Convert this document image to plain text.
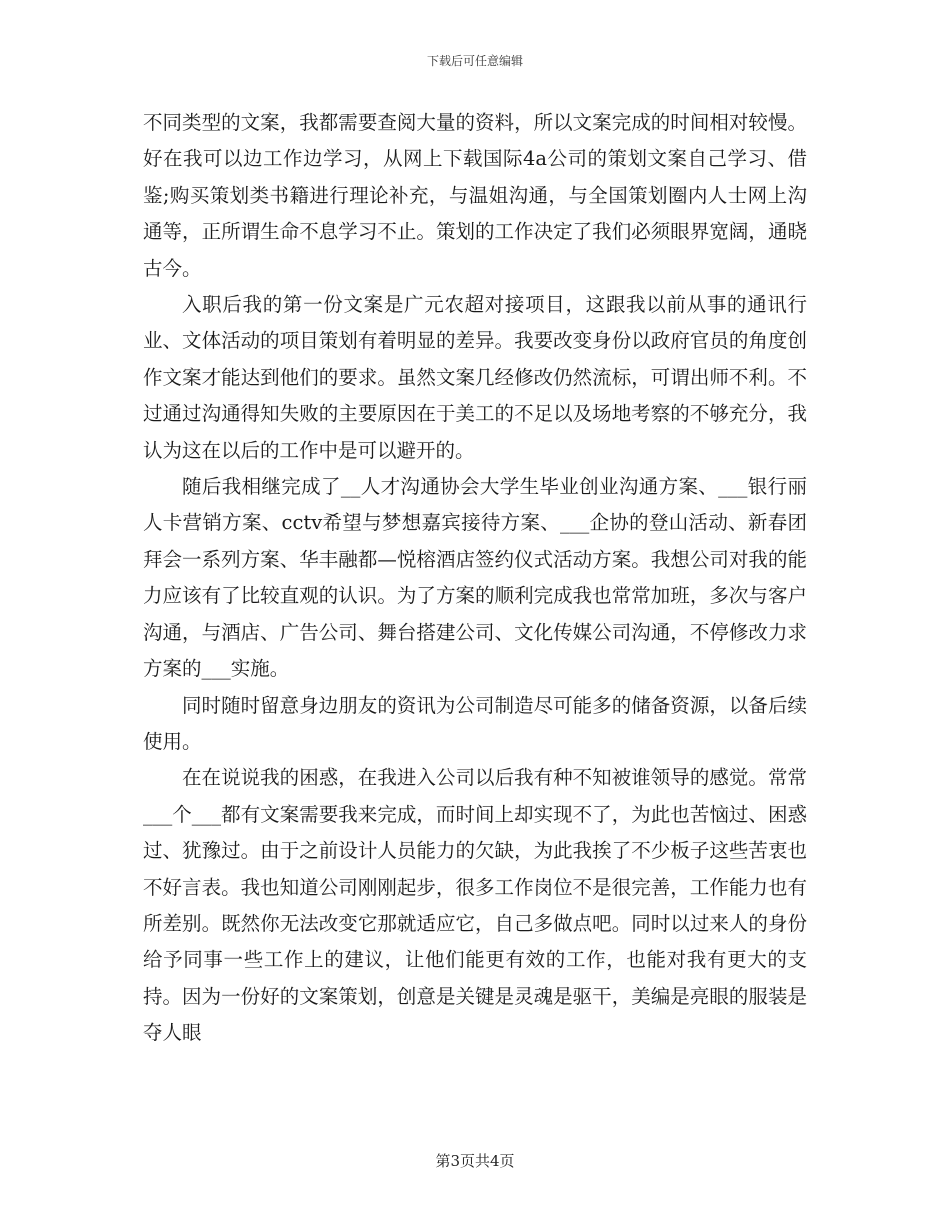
下载后可任意编辑

不同类型的文案，我都需要查阅大量的资料，所以文案完成的时间相对较慢。好在我可以边工作边学习，从网上下载国际4a公司的策划文案自己学习、借鉴;购买策划类书籍进行理论补充，与温姐沟通，与全国策划圈内人士网上沟通等，正所谓生命不息学习不止。策划的工作决定了我们必须眼界宽阔，通晓古今。

入职后我的第一份文案是广元农超对接项目，这跟我以前从事的通讯行业、文体活动的项目策划有着明显的差异。我要改变身份以政府官员的角度创作文案才能达到他们的要求。虽然文案几经修改仍然流标，可谓出师不利。不过通过沟通得知失败的主要原因在于美工的不足以及场地考察的不够充分，我认为这在以后的工作中是可以避开的。

随后我相继完成了__人才沟通协会大学生毕业创业沟通方案、___银行丽人卡营销方案、cctv希望与梦想嘉宾接待方案、___企协的登山活动、新春团拜会一系列方案、华丰融都—悦榕酒店签约仪式活动方案。我想公司对我的能力应该有了比较直观的认识。为了方案的顺利完成我也常常加班，多次与客户沟通，与酒店、广告公司、舞台搭建公司、文化传媒公司沟通，不停修改力求方案的___实施。

同时随时留意身边朋友的资讯为公司制造尽可能多的储备资源，以备后续使用。

在在说说我的困惑，在我进入公司以后我有种不知被谁领导的感觉。常常___个___都有文案需要我来完成，而时间上却实现不了，为此也苦恼过、困惑过、犹豫过。由于之前设计人员能力的欠缺，为此我挨了不少板子这些苦衷也不好言表。我也知道公司刚刚起步，很多工作岗位不是很完善，工作能力也有所差别。既然你无法改变它那就适应它，自己多做点吧。同时以过来人的身份给予同事一些工作上的建议，让他们能更有效的工作，也能对我有更大的支持。因为一份好的文案策划，创意是关键是灵魂是驱干，美编是亮眼的服装是夺人眼

第3页共4页
